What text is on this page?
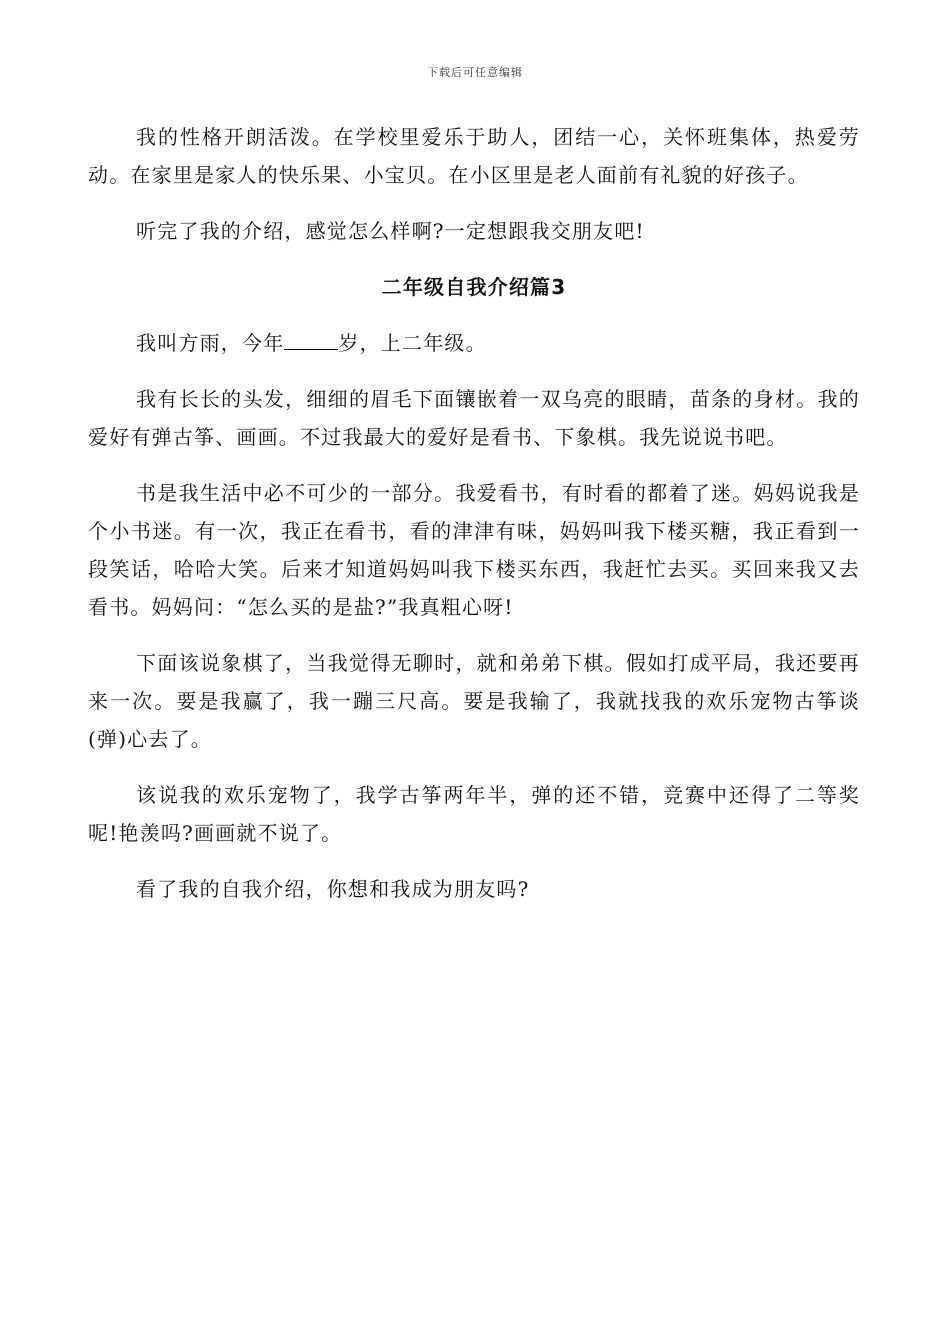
下载后可任意编辑

我的性格开朗活泼。在学校里爱乐于助人，团结一心，关怀班集体，热爱劳动。在家里是家人的快乐果、小宝贝。在小区里是老人面前有礼貌的好孩子。

听完了我的介绍，感觉怎么样啊?一定想跟我交朋友吧!

二年级自我介绍篇3

我叫方雨，今年	岁，上二年级。

我有长长的头发，细细的眉毛下面镶嵌着一双乌亮的眼睛，苗条的身材。我的爱好有弹古筝、画画。不过我最大的爱好是看书、下象棋。我先说说书吧。

书是我生活中必不可少的一部分。我爱看书，有时看的都着了迷。妈妈说我是个小书迷。有一次，我正在看书，看的津津有味，妈妈叫我下楼买糖，我正看到一段笑话，哈哈大笑。后来才知道妈妈叫我下楼买东西，我赶忙去买。买回来我又去看书。妈妈问：“怎么买的是盐?”我真粗心呀!

下面该说象棋了，当我觉得无聊时，就和弟弟下棋。假如打成平局，我还要再来一次。要是我赢了，我一蹦三尺高。要是我输了，我就找我的欢乐宠物古筝谈(弹)心去了。

该说我的欢乐宠物了，我学古筝两年半，弹的还不错，竞赛中还得了二等奖呢!艳羡吗?画画就不说了。

看了我的自我介绍，你想和我成为朋友吗?
